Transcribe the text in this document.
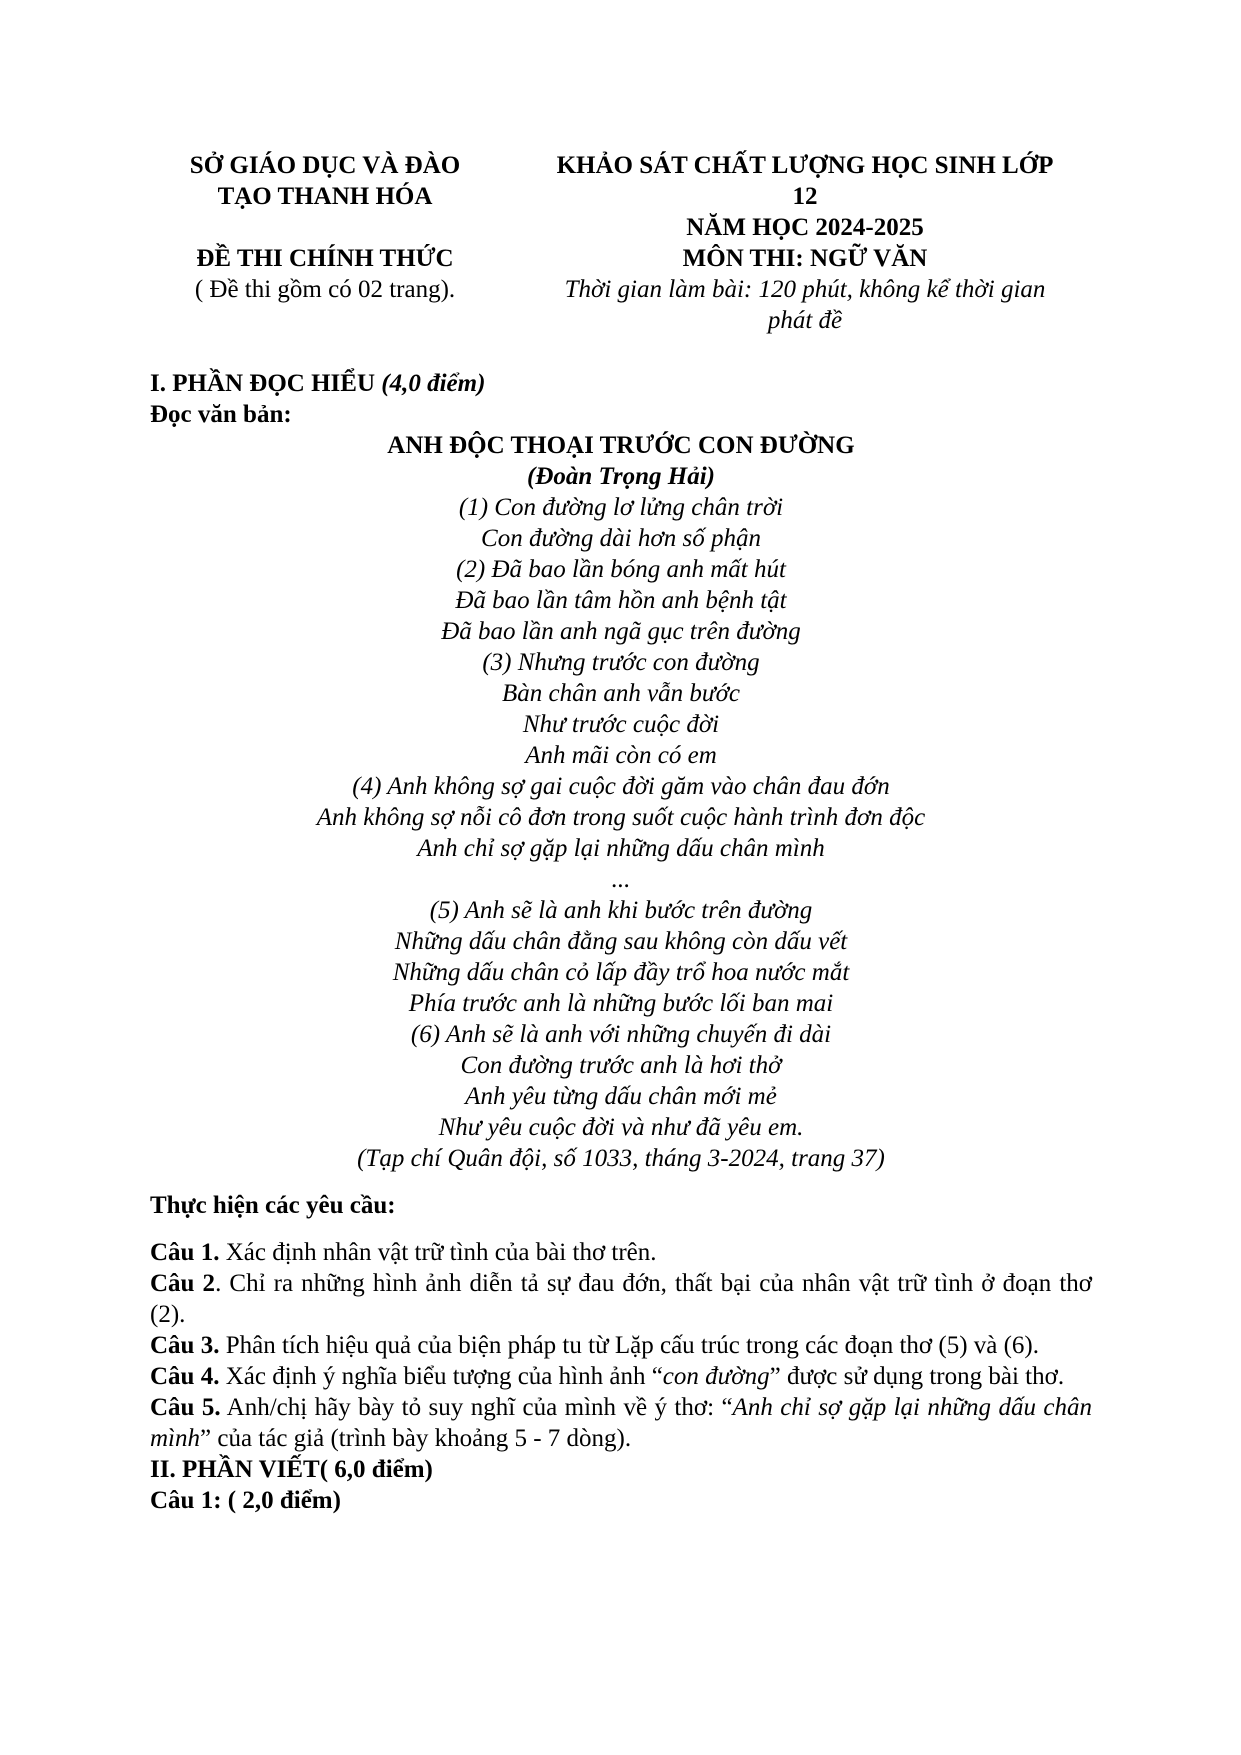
SỞ GIÁO DỤC VÀ ĐÀO
TẠO THANH HÓA
ĐỀ THI CHÍNH THỨC
( Đề thi gồm có 02 trang).
KHẢO SÁT CHẤT LƯỢNG HỌC SINH LỚP
12
NĂM HỌC 2024-2025
MÔN THI: NGỮ VĂN
Thời gian làm bài: 120 phút, không kể thời gian
phát đề
I. PHẦN ĐỌC HIỂU (4,0 điểm)
Đọc văn bản:
ANH ĐỘC THOẠI TRƯỚC CON ĐƯỜNG
(Đoàn Trọng Hải)
(1) Con đường lơ lửng chân trời
Con đường dài hơn số phận
(2) Đã bao lần bóng anh mất hút
Đã bao lần tâm hồn anh bệnh tật
Đã bao lần anh ngã gục trên đường
(3) Nhưng trước con đường
Bàn chân anh vẫn bước
Như trước cuộc đời
Anh mãi còn có em
(4) Anh không sợ gai cuộc đời găm vào chân đau đớn
Anh không sợ nỗi cô đơn trong suốt cuộc hành trình đơn độc
Anh chỉ sợ gặp lại những dấu chân mình
...
(5) Anh sẽ là anh khi bước trên đường
Những dấu chân đằng sau không còn dấu vết
Những dấu chân cỏ lấp đầy trổ hoa nước mắt
Phía trước anh là những bước lối ban mai
(6) Anh sẽ là anh với những chuyến đi dài
Con đường trước anh là hơi thở
Anh yêu từng dấu chân mới mẻ
Như yêu cuộc đời và như đã yêu em.
(Tạp chí Quân đội, số 1033, tháng 3-2024, trang 37)
Thực hiện các yêu cầu:
Câu 1. Xác định nhân vật trữ tình của bài thơ trên.
Câu 2. Chỉ ra những hình ảnh diễn tả sự đau đớn, thất bại của nhân vật trữ tình ở đoạn thơ (2).
Câu 3. Phân tích hiệu quả của biện pháp tu từ Lặp cấu trúc trong các đoạn thơ (5) và (6).
Câu 4. Xác định ý nghĩa biểu tượng của hình ảnh “con đường” được sử dụng trong bài thơ.
Câu 5. Anh/chị hãy bày tỏ suy nghĩ của mình về ý thơ: “Anh chỉ sợ gặp lại những dấu chân mình” của tác giả (trình bày khoảng 5 - 7 dòng).
II. PHẦN VIẾT( 6,0 điểm)
Câu 1: ( 2,0 điểm)
